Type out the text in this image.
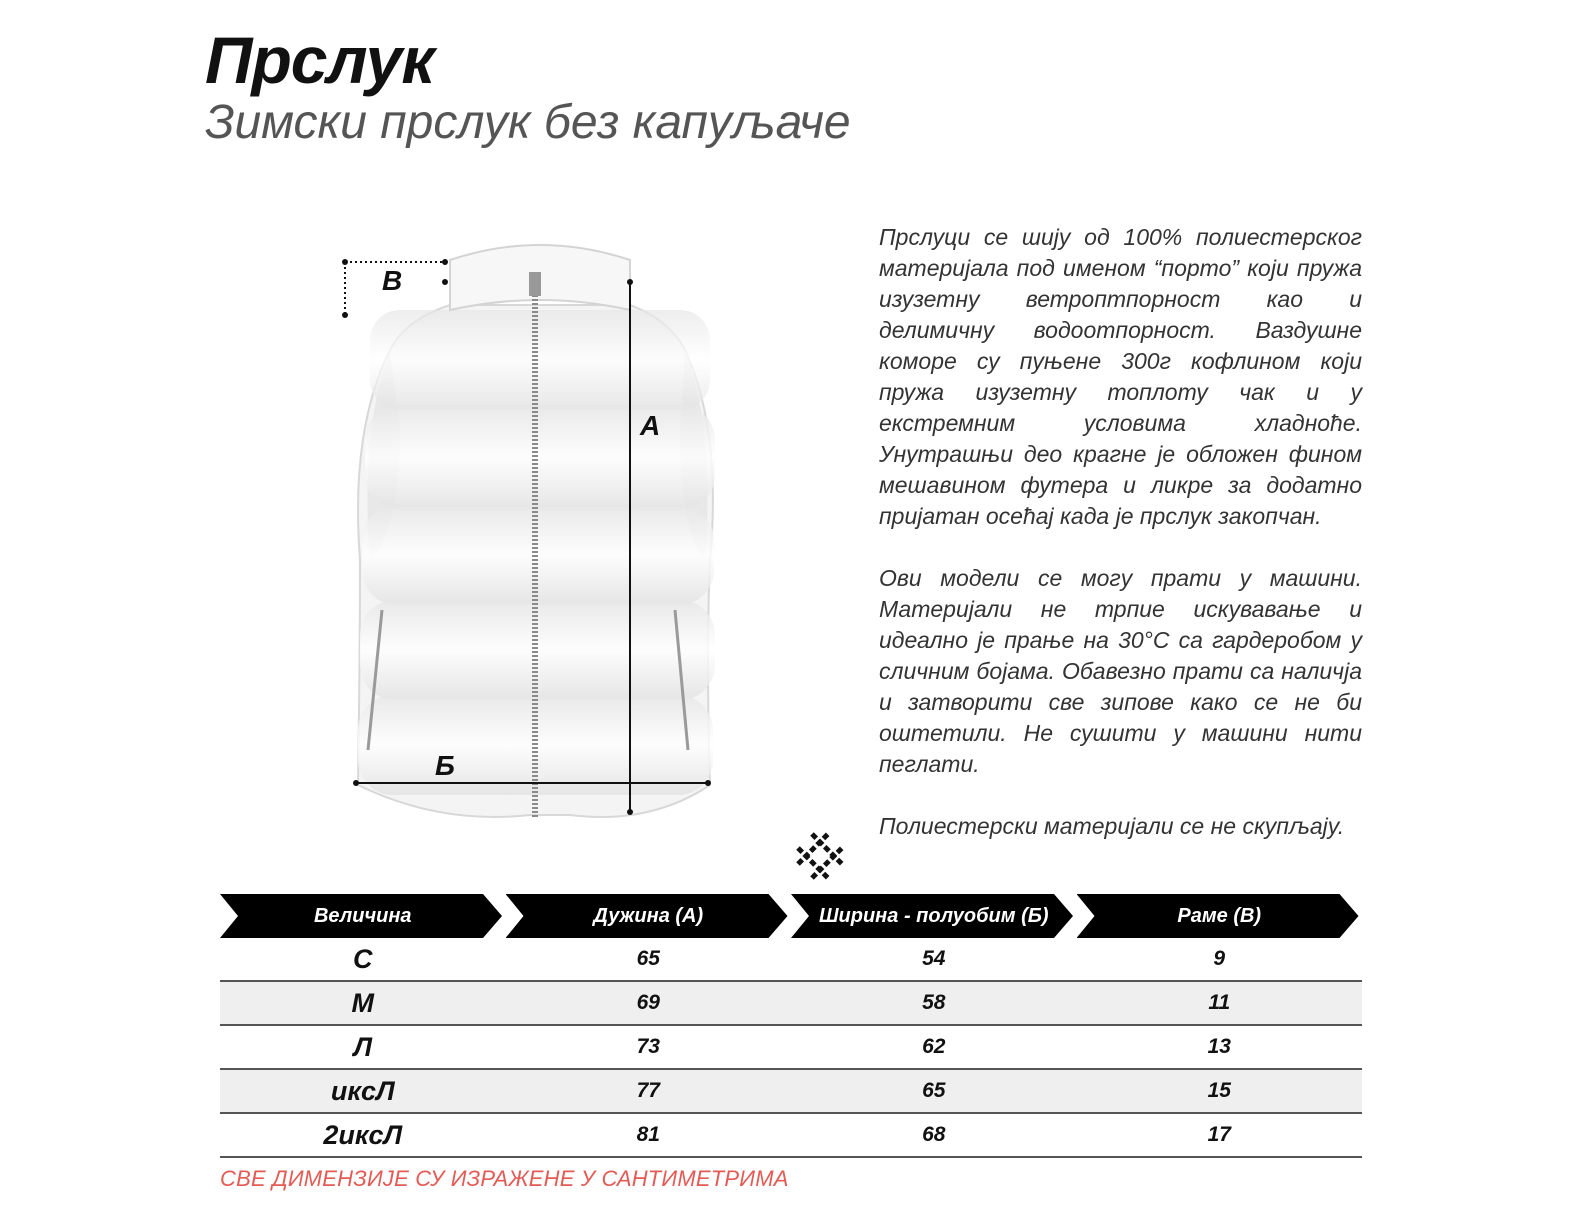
Прслук
Зимски прслук без капуљаче
В
A
Б

Прслуци се шију од 100% полиестерског материјала под именом “порто” који пружа изузетну ветроптпорност као и делимичну водоотпорност. Ваздушне коморе су пуњене 300г кофлином који пружа изузетну топлоту чак и у екстремним условима хладноће. Унутрашњи део крагне је обложен фином мешавином футера и ликре за додатно пријатан осећај када је прслук закопчан.

Ови модели се могу прати у машини. Материјали не трпие искувавање и идеално је прање на 30°C са гардеробом у сличним бојама. Обавезно прати са наличја и затворити све зипове како се не би оштетили. Не сушити у машини нити пеглати.

Полиестерски материјали се не скупљају.

Величина	Дужина (А)	Ширина - полуобим (Б)	Раме (В)

С	65	54	9
М	69	58	11
Л	73	62	13
иксЛ	77	65	15
2иксЛ	81	68	17
СВЕ ДИМЕНЗИЈЕ СУ ИЗРАЖЕНЕ У САНТИМЕТРИМА
